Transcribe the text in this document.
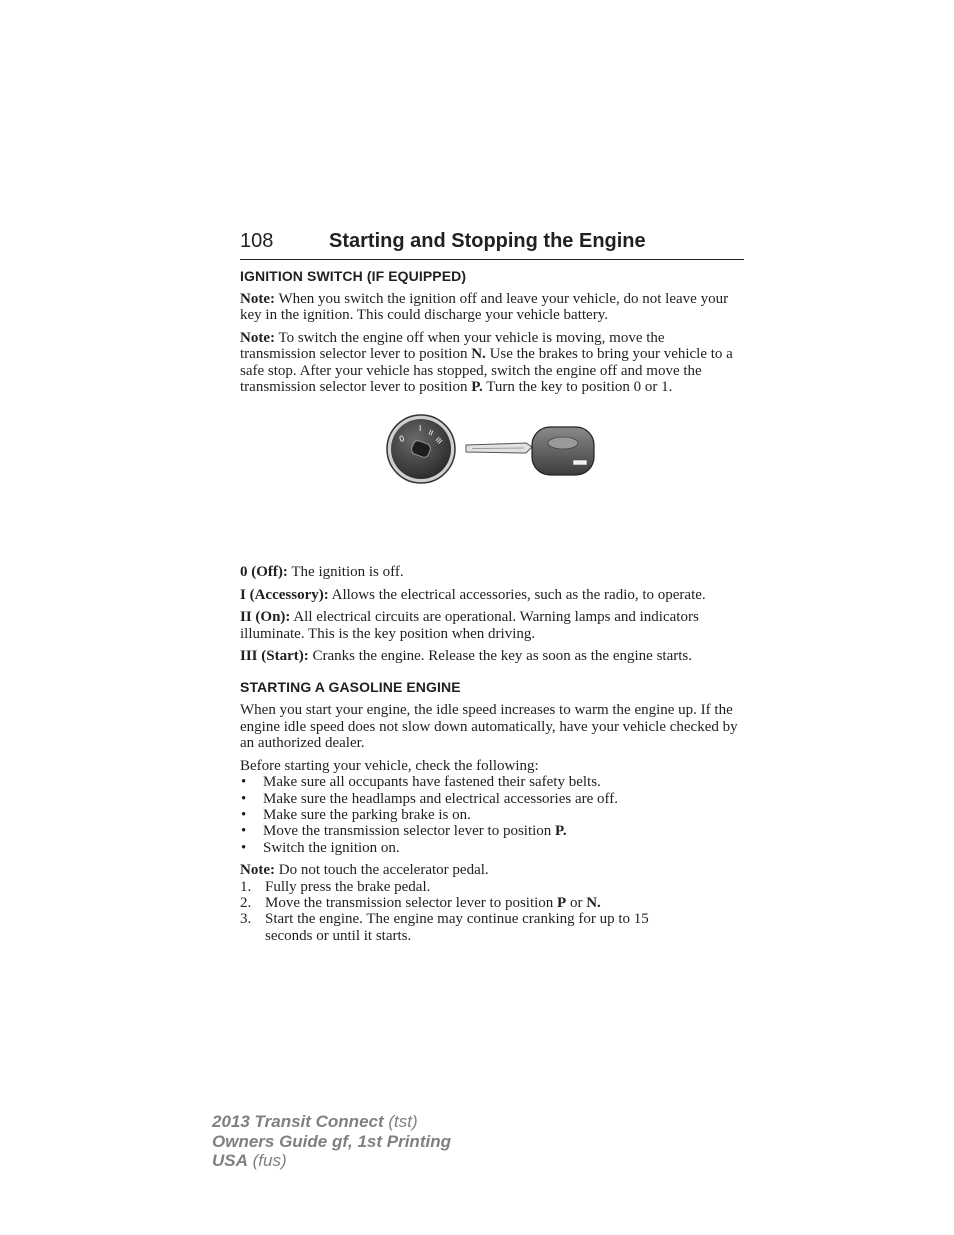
108	Starting and Stopping the Engine
IGNITION SWITCH (IF EQUIPPED)

Note: When you switch the ignition off and leave your vehicle, do not leave your key in the ignition. This could discharge your vehicle battery.

Note: To switch the engine off when your vehicle is moving, move the transmission selector lever to position N. Use the brakes to bring your vehicle to a safe stop. After your vehicle has stopped, switch the engine off and move the transmission selector lever to position P. Turn the key to position 0 or 1.

0
I
II
III

0 (Off): The ignition is off.

I (Accessory): Allows the electrical accessories, such as the radio, to operate.

II (On): All electrical circuits are operational. Warning lamps and indicators illuminate. This is the key position when driving.

III (Start): Cranks the engine. Release the key as soon as the engine starts.

STARTING A GASOLINE ENGINE

When you start your engine, the idle speed increases to warm the engine up. If the engine idle speed does not slow down automatically, have your vehicle checked by an authorized dealer.

Before starting your vehicle, check the following:

• Make sure all occupants have fastened their safety belts.
• Make sure the headlamps and electrical accessories are off.
• Make sure the parking brake is on.
• Move the transmission selector lever to position P.
• Switch the ignition on.

Note: Do not touch the accelerator pedal.

1. Fully press the brake pedal.
2. Move the transmission selector lever to position P or N.
3. Start the engine. The engine may continue cranking for up to 15 seconds or until it starts.
2013 Transit Connect (tst)
Owners Guide gf, 1st Printing
USA (fus)
